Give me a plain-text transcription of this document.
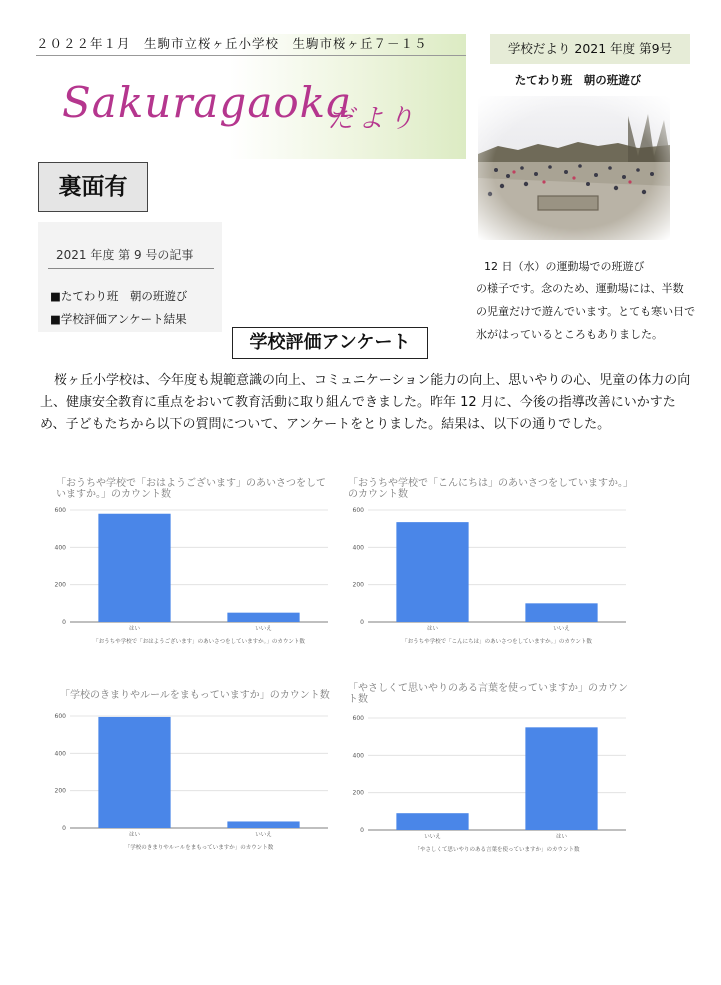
２０２２年１月　生駒市立桜ヶ丘小学校　生駒市桜ヶ丘７－１５	学校だより 2021 年度 第9号
Sakuragaoka
だより
裏面有
2021 年度 第 9 号の記事
■たてわり班　朝の班遊び
■学校評価アンケート結果
たてわり班　朝の班遊び
12 日（水）の運動場での班遊び
の様子です。念のため、運動場には、半数
の児童だけで遊んでいます。とても寒い日で
氷がはっているところもありました。
学校評価アンケート
桜ヶ丘小学校は、今年度も規範意識の向上、コミュニケーション能力の向上、思いやりの心、児童の体力の向上、健康安全教育に重点をおいて教育活動に取り組んできました。昨年 12 月に、今後の指導改善にいかすため、子どもたちから以下の質問について、アンケートをとりました。結果は、以下の通りでした。
「おうちや学校で「おはようございます」のあいさつをしていますか。」のカウント数
0
200
400
600
はい	いいえ
「おうちや学校で「おはようございます」のあいさつをしていますか。」のカウント数
「おうちや学校で「こんにちは」のあいさつをしていますか。」のカウント数
0
200
400
600
はい	いいえ
「おうちや学校で「こんにちは」のあいさつをしていますか。」のカウント数
「学校のきまりやルールをまもっていますか」のカウント数
0
200
400
600
はい	いいえ
「学校のきまりやルールをまもっていますか」のカウント数
「やさしくて思いやりのある言葉を使っていますか」のカウント数
0
200
400
600
いいえ	はい
「やさしくて思いやりのある言葉を使っていますか」のカウント数
